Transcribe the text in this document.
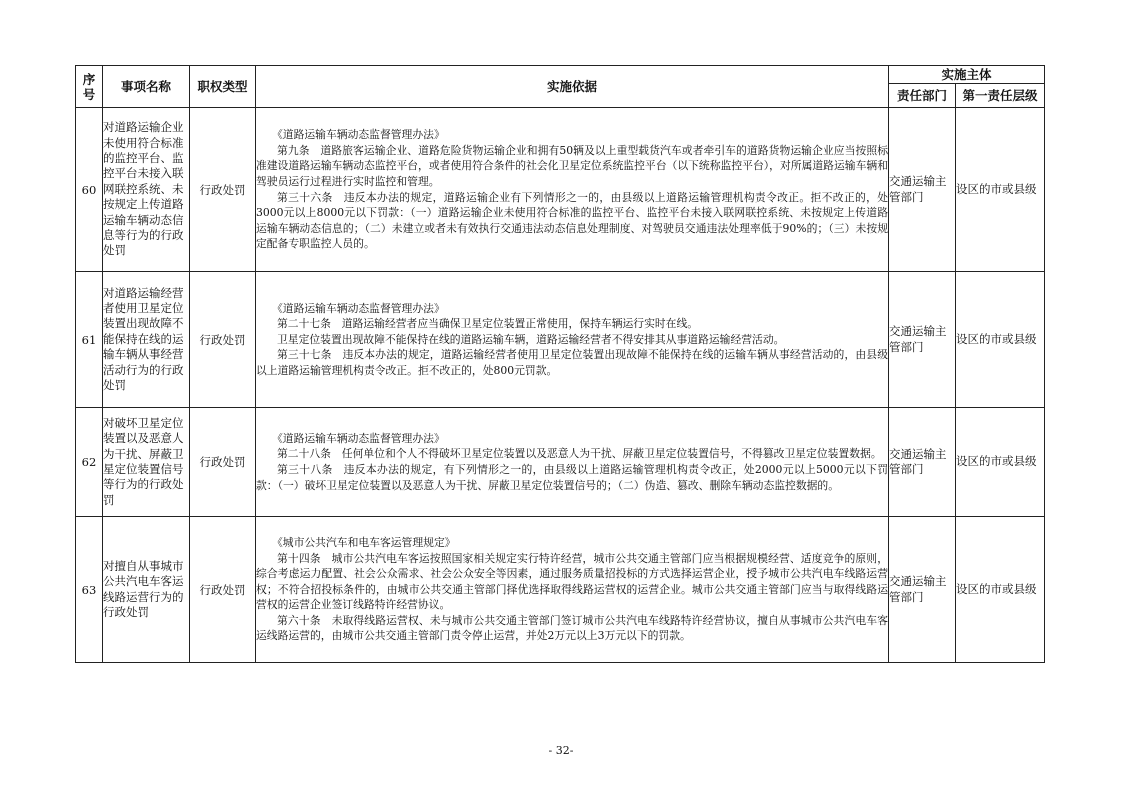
序号	事项名称	职权类型	实施依据	实施主体	
				责任部门	第一责任层级
60	对道路运输企业未使用符合标准的监控平台、监控平台未接入联网联控系统、未按规定上传道路运输车辆动态信息等行为的行政处罚	行政处罚	《道路运输车辆动态监督管理办法》

第九条　道路旅客运输企业、道路危险货物运输企业和拥有50辆及以上重型载货汽车或者牵引车的道路货物运输企业应当按照标准建设道路运输车辆动态监控平台，或者使用符合条件的社会化卫星定位系统监控平台（以下统称监控平台），对所属道路运输车辆和驾驶员运行过程进行实时监控和管理。

第三十六条　违反本办法的规定，道路运输企业有下列情形之一的，由县级以上道路运输管理机构责令改正。拒不改正的，处3000元以上8000元以下罚款：（一）道路运输企业未使用符合标准的监控平台、监控平台未接入联网联控系统、未按规定上传道路运输车辆动态信息的；（二）未建立或者未有效执行交通违法动态信息处理制度、对驾驶员交通违法处理率低于90%的；（三）未按规定配备专职监控人员的。	交通运输主管部门	设区的市或县级
61	对道路运输经营者使用卫星定位装置出现故障不能保持在线的运输车辆从事经营活动行为的行政处罚	行政处罚	《道路运输车辆动态监督管理办法》

第二十七条　道路运输经营者应当确保卫星定位装置正常使用，保持车辆运行实时在线。

卫星定位装置出现故障不能保持在线的道路运输车辆，道路运输经营者不得安排其从事道路运输经营活动。

第三十七条　违反本办法的规定，道路运输经营者使用卫星定位装置出现故障不能保持在线的运输车辆从事经营活动的，由县级以上道路运输管理机构责令改正。拒不改正的，处800元罚款。	交通运输主管部门	设区的市或县级
62	对破坏卫星定位装置以及恶意人为干扰、屏蔽卫星定位装置信号等行为的行政处罚	行政处罚	《道路运输车辆动态监督管理办法》

第二十八条　任何单位和个人不得破坏卫星定位装置以及恶意人为干扰、屏蔽卫星定位装置信号，不得篡改卫星定位装置数据。

第三十八条　违反本办法的规定，有下列情形之一的，由县级以上道路运输管理机构责令改正，处2000元以上5000元以下罚款：（一）破坏卫星定位装置以及恶意人为干扰、屏蔽卫星定位装置信号的；（二）伪造、篡改、删除车辆动态监控数据的。	交通运输主管部门	设区的市或县级
63	对擅自从事城市公共汽电车客运线路运营行为的行政处罚	行政处罚	《城市公共汽车和电车客运管理规定》

第十四条　城市公共汽电车客运按照国家相关规定实行特许经营，城市公共交通主管部门应当根据规模经营、适度竞争的原则，综合考虑运力配置、社会公众需求、社会公众安全等因素，通过服务质量招投标的方式选择运营企业，授予城市公共汽电车线路运营权；不符合招投标条件的，由城市公共交通主管部门择优选择取得线路运营权的运营企业。城市公共交通主管部门应当与取得线路运营权的运营企业签订线路特许经营协议。

第六十条　未取得线路运营权、未与城市公共交通主管部门签订城市公共汽电车线路特许经营协议，擅自从事城市公共汽电车客运线路运营的，由城市公共交通主管部门责令停止运营，并处2万元以上3万元以下的罚款。	交通运输主管部门	设区的市或县级
- 32-
